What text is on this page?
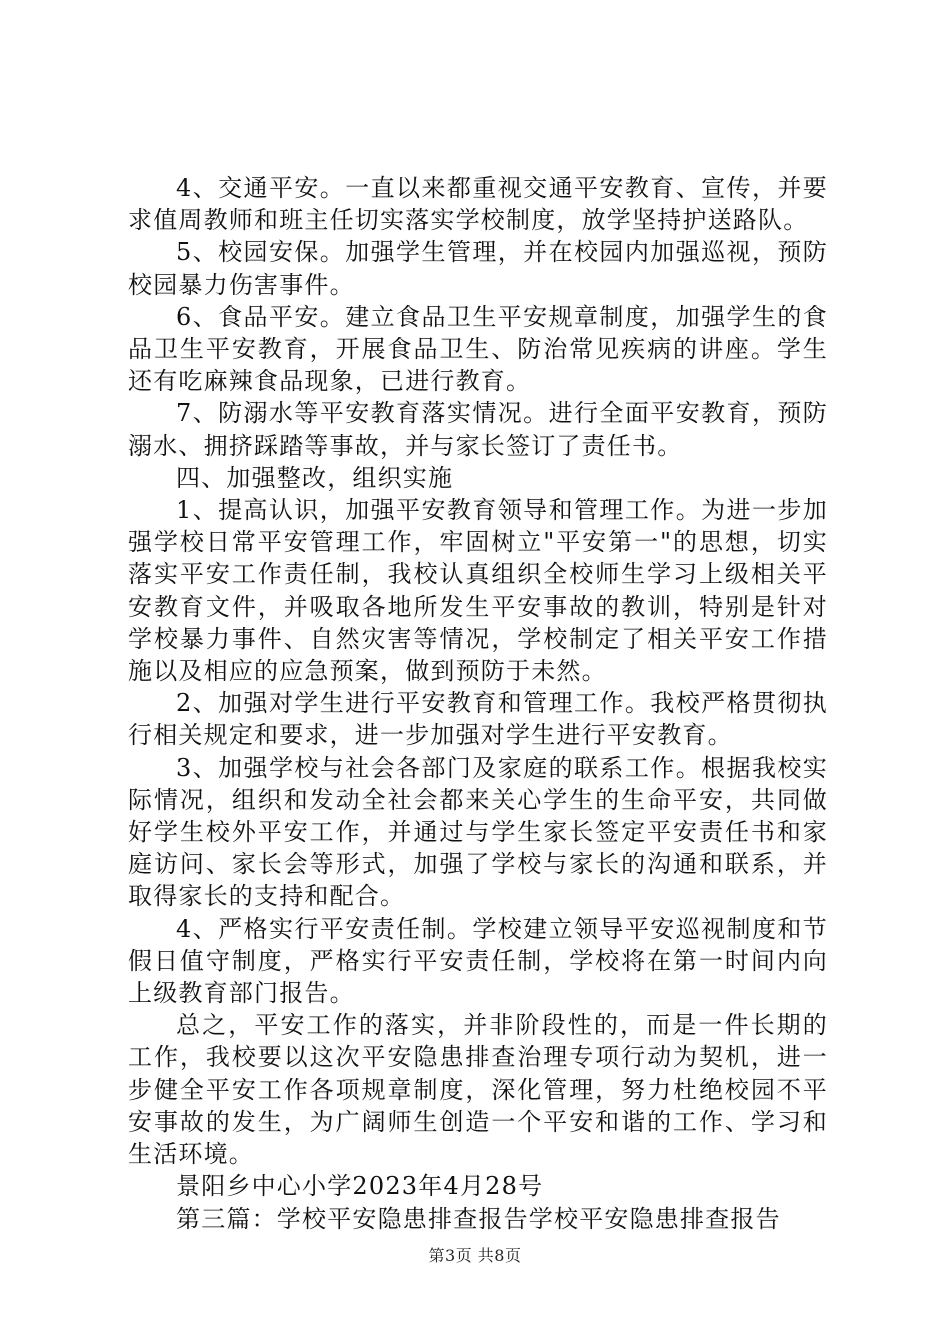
4、交通平安。一直以来都重视交通平安教育、宣传，并要求值周教师和班主任切实落实学校制度，放学坚持护送路队。

5、校园安保。加强学生管理，并在校园内加强巡视，预防校园暴力伤害事件。

6、食品平安。建立食品卫生平安规章制度，加强学生的食品卫生平安教育，开展食品卫生、防治常见疾病的讲座。学生还有吃麻辣食品现象，已进行教育。

7、防溺水等平安教育落实情况。进行全面平安教育，预防溺水、拥挤踩踏等事故，并与家长签订了责任书。

四、加强整改，组织实施

1、提高认识，加强平安教育领导和管理工作。为进一步加强学校日常平安管理工作，牢固树立"平安第一"的思想，切实落实平安工作责任制，我校认真组织全校师生学习上级相关平安教育文件，并吸取各地所发生平安事故的教训，特别是针对学校暴力事件、自然灾害等情况，学校制定了相关平安工作措施以及相应的应急预案，做到预防于未然。

2、加强对学生进行平安教育和管理工作。我校严格贯彻执行相关规定和要求，进一步加强对学生进行平安教育。

3、加强学校与社会各部门及家庭的联系工作。根据我校实际情况，组织和发动全社会都来关心学生的生命平安，共同做好学生校外平安工作，并通过与学生家长签定平安责任书和家庭访问、家长会等形式，加强了学校与家长的沟通和联系，并取得家长的支持和配合。

4、严格实行平安责任制。学校建立领导平安巡视制度和节假日值守制度，严格实行平安责任制，学校将在第一时间内向上级教育部门报告。

总之，平安工作的落实，并非阶段性的，而是一件长期的工作，我校要以这次平安隐患排查治理专项行动为契机，进一步健全平安工作各项规章制度，深化管理，努力杜绝校园不平安事故的发生，为广阔师生创造一个平安和谐的工作、学习和生活环境。

景阳乡中心小学2023年4月28号

第三篇：学校平安隐患排查报告学校平安隐患排查报告

第3页 共8页
